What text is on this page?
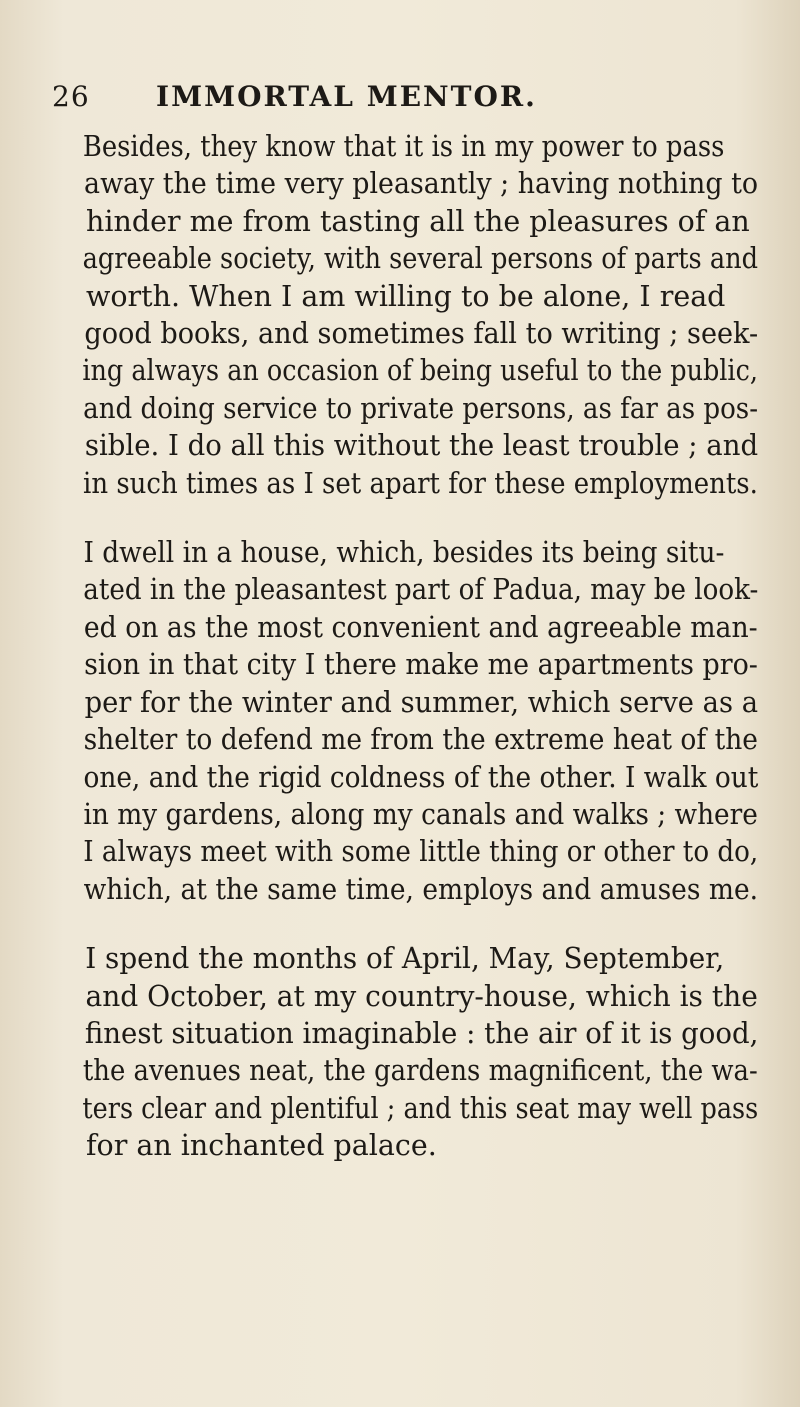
26 IMMORTAL MENTOR.

Besides, they know that it is in my power to pass
away the time very pleasantly ; having nothing to
hinder me from tasting all the pleasures of an
agreeable society, with several persons of parts and
worth. When I am willing to be alone, I read
good books, and sometimes fall to writing ; seek-
ing always an occasion of being useful to the public,
and doing service to private persons, as far as pos-
sible. I do all this without the least trouble ; and
in such times as I set apart for these employments.

I dwell in a house, which, besides its being situ-
ated in the pleasantest part of Padua, may be look-
ed on as the most convenient and agreeable man-
sion in that city I there make me apartments pro-
per for the winter and summer, which serve as a
shelter to defend me from the extreme heat of the
one, and the rigid coldness of the other. I walk out
in my gardens, along my canals and walks ; where
I always meet with some little thing or other to do,
which, at the same time, employs and amuses me.

I spend the months of April, May, September,
and October, at my country-house, which is the
finest situation imaginable : the air of it is good,
the avenues neat, the gardens magnificent, the wa-
ters clear and plentiful ; and this seat may well pass
for an inchanted palace.
